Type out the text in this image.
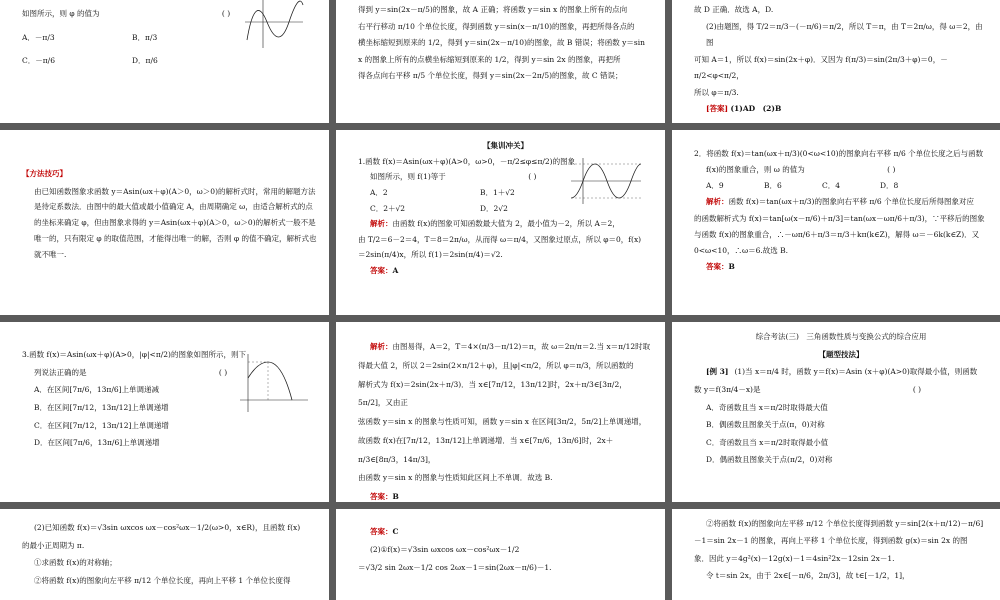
如图所示，则 φ 的值为	( )

A．－π/3	B．π/3

C．－π/6	D．π/6

得到 y＝sin(2x－π/5)的图象，故 A 正确；将函数 y＝sin x 的图象上所有的点向
右平行移动 π/10 个单位长度，得到函数 y＝sin(x－π/10)的图象，再把所得各点的
横坐标缩短到原来的 1/2，得到 y＝sin(2x－π/10)的图象，故 B 错误；将函数 y＝sin
x 的图象上所有的点横坐标缩短到原来的 1/2，得到 y＝sin 2x 的图象，再把所
得各点向右平移 π/5 个单位长度，得到 y＝sin(2x－2π/5)的图象，故 C 错误；
故 D 正确．故选 A，D.
(2)由题图，得 T/2＝π/3－(－π/6)＝π/2，所以 T＝π，由 T＝2π/ω，得 ω＝2，由图
可知 A＝1，所以 f(x)＝sin(2x＋φ)．又因为 f(π/3)＝sin(2π/3＋φ)＝0，－π/2<φ<π/2，
所以 φ＝π/3.
[答案] (1)AD　(2)B

【方法技巧】

由已知函数图象求函数 y＝Asin(ωx＋φ)(A＞0，ω＞0)的解析式时，常用的解题方法是待定系数法．由图中的最大值或最小值确定 A，由周期确定 ω，由适合解析式的点的坐标来确定 φ，但由图象求得的 y＝Asin(ωx＋φ)(A＞0，ω＞0)的解析式一般不是唯一的，只有限定 φ 的取值范围，才能得出唯一的解，否则 φ 的值不确定，解析式也就不唯一.

【集训冲关】

1.函数 f(x)＝Asin(ωx＋φ)(A>0，ω>0，－π/2≤φ≤π/2)的图象

如图所示，则 f(1)等于	( )

A．2	B．1＋√2

C．2＋√2	D．2√2

解析：由函数 f(x)的图象可知函数最大值为 2，最小值为－2，所以 A＝2，

由 T/2＝6－2＝4，T＝8＝2π/ω，从而得 ω＝π/4，又图象过原点，所以 φ＝0，f(x)

＝2sin(π/4)x，所以 f(1)＝2sin(π/4)＝√2.

答案：A

2．将函数 f(x)＝tan(ωx＋π/3)(0<ω<10)的图象向右平移 π/6 个单位长度之后与函数
f(x)的图象重合，则 ω 的值为	( )
A．9	B．6	C．4	D．8
解析：函数 f(x)＝tan(ωx＋π/3)的图象向右平移 π/6 个单位长度后所得图象对应
的函数解析式为 f(x)＝tan[ω(x－π/6)＋π/3]＝tan(ωx－ωπ/6＋π/3)，∵平移后的图象
与函数 f(x)的图象重合，∴－ωπ/6＋π/3＝π/3＋kπ(k∈Z)，解得 ω＝－6k(k∈Z)．又
0<ω<10，∴ω＝6.故选 B.
答案：B
3.函数 f(x)＝Asin(ωx＋φ)(A>0，|φ|<π/2)的图象如图所示，则下
列说法正确的是	( )
A．在区间[7π/6，13π/6]上单调递减
B．在区间[7π/12，13π/12]上单调递增
C．在区间[7π/12，13π/12]上单调递增
D．在区间[7π/6，13π/6]上单调递增
解析：由图易得，A＝2，T＝4×(π/3－π/12)＝π，故 ω＝2π/π＝2.当 x＝π/12时取
得最大值 2，所以 2＝2sin(2×π/12＋φ)，且|φ|<π/2，所以 φ＝π/3，所以函数的
解析式为 f(x)＝2sin(2x＋π/3)．当 x∈[7π/12，13π/12]时，2x＋π/3∈[3π/2，5π/2]，又由正
弦函数 y＝sin x 的图象与性质可知，函数 y＝sin x 在区间[3π/2，5π/2]上单调递增，
故函数 f(x)在[7π/12，13π/12]上单调递增．当 x∈[7π/6，13π/6]时，2x＋π/3∈[8π/3，14π/3]，
由函数 y＝sin x 的图象与性质知此区间上不单调．故选 B.
答案：B
综合考法(三)　三角函数性质与变换公式的综合应用
【题型技法】
[例 3] (1)当 x＝π/4 时，函数 y＝f(x)＝Asin (x＋φ)(A>0)取得最小值，则函数
数 y＝f(3π/4－x)是	( )
A．奇函数且当 x＝π/2时取得最大值
B．偶函数且图象关于点(π，0)对称
C．奇函数且当 x＝π/2时取得最小值
D．偶函数且图象关于点(π/2，0)对称
(2)已知函数 f(x)＝√3sin ωxcos ωx－cos²ωx－1/2(ω>0，x∈R)，且函数 f(x)
的最小正周期为 π.
①求函数 f(x)的对称轴；
②将函数 f(x)的图象向左平移 π/12 个单位长度，再向上平移 1 个单位长度得
答案：C
(2)①f(x)＝√3sin ωxcos ωx－cos²ωx－1/2
＝√3/2 sin 2ωx－1/2 cos 2ωx－1＝sin(2ωx－π/6)－1.
②将函数 f(x)的图象向左平移 π/12 个单位长度得到函数 y＝sin[2(x＋π/12)－π/6]
－1＝sin 2x－1 的图象，再向上平移 1 个单位长度，得到函数 g(x)＝sin 2x 的图
象．因此 y＝4g²(x)－12g(x)－1＝4sin²2x－12sin 2x－1.
令 t＝sin 2x，由于 2x∈[－π/6，2π/3]，故 t∈[－1/2，1]，
